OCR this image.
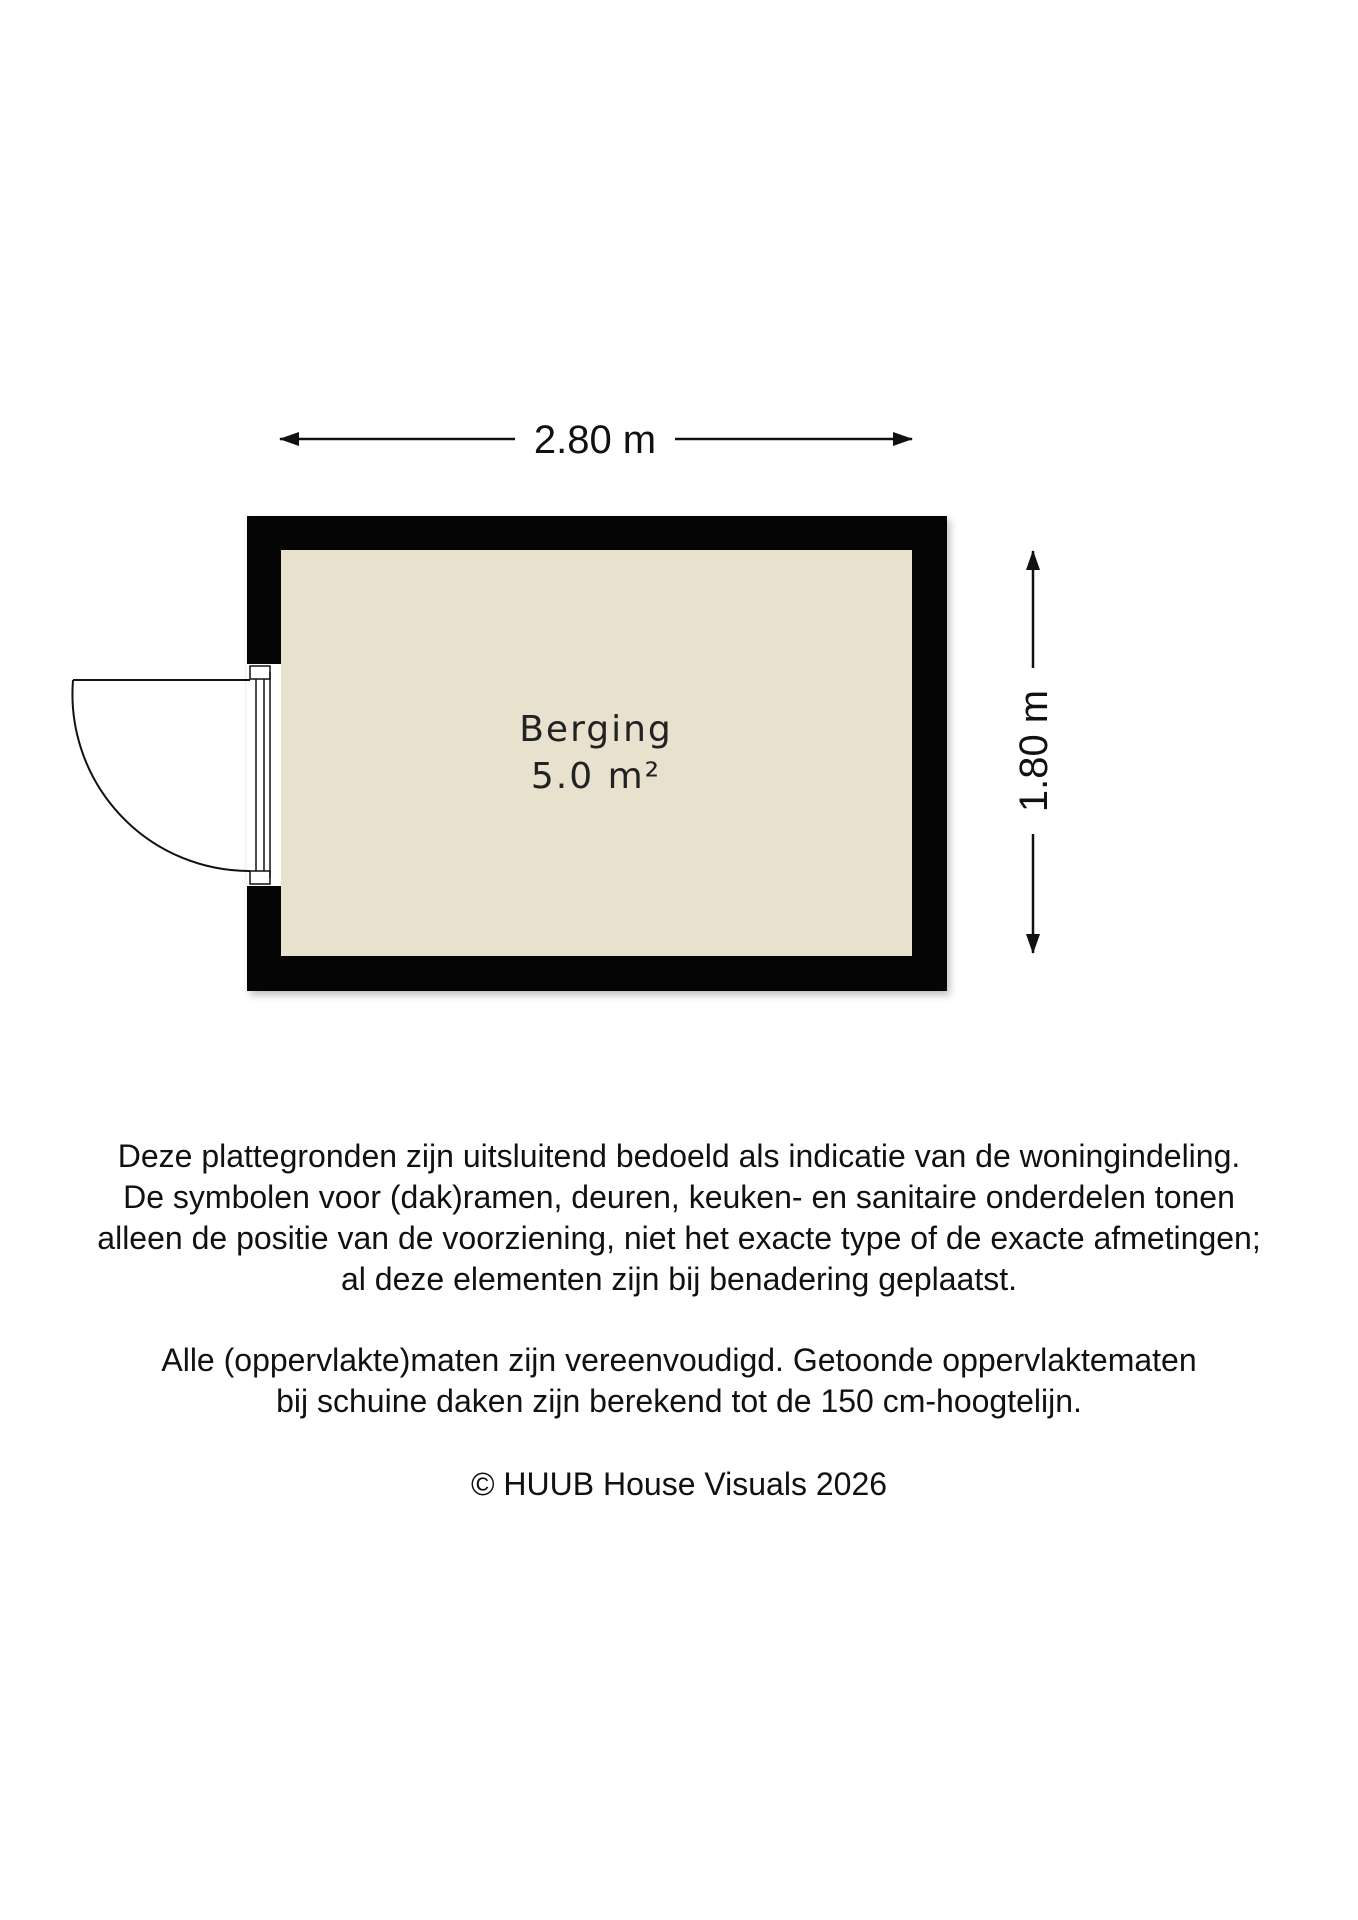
2.80 m
1.80 m
Berging
5.0 m²

Deze plattegronden zijn uitsluitend bedoeld als indicatie van de woningindeling.

De symbolen voor (dak)ramen, deuren, keuken- en sanitaire onderdelen tonen

alleen de positie van de voorziening, niet het exacte type of de exacte afmetingen;

al deze elementen zijn bij benadering geplaatst.

Alle (oppervlakte)maten zijn vereenvoudigd. Getoonde oppervlaktematen

bij schuine daken zijn berekend tot de 150 cm-hoogtelijn.

© HUUB House Visuals 2026
